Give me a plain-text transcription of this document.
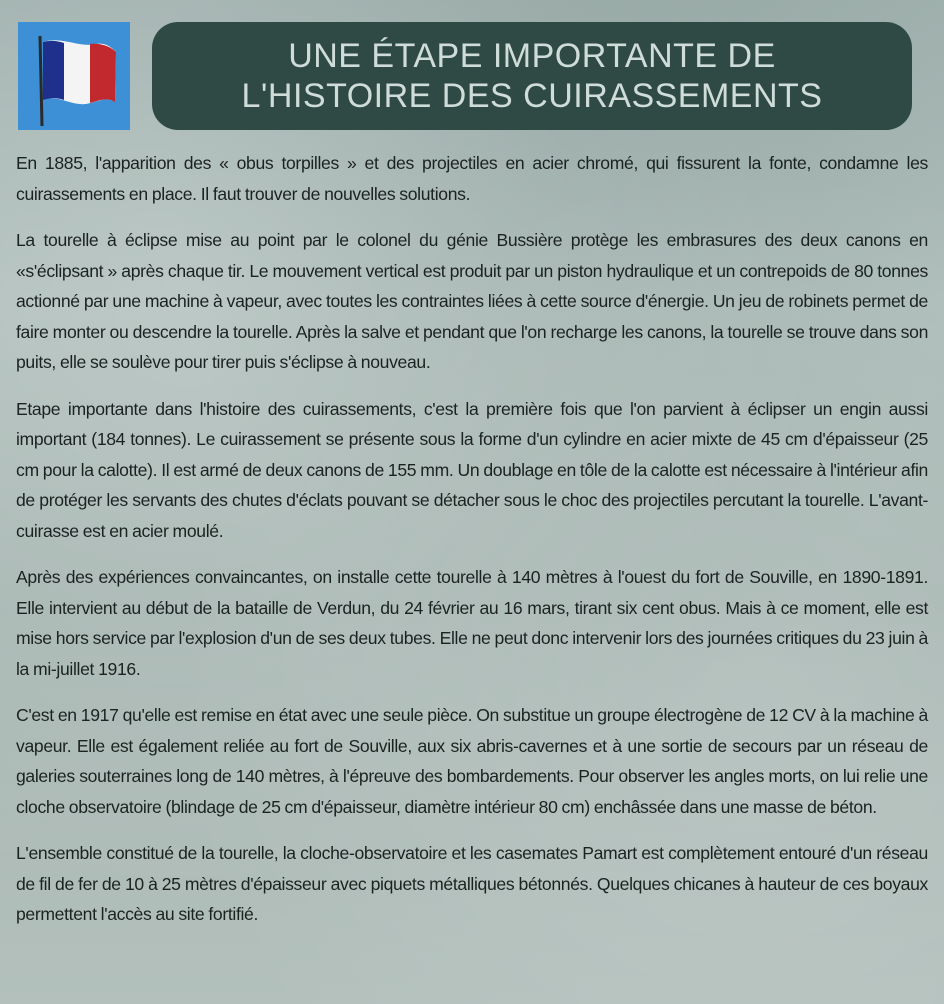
UNE ÉTAPE IMPORTANTE DE
L'HISTOIRE DES CUIRASSEMENTS

En 1885, l'apparition des « obus torpilles » et des projectiles en acier chromé, qui fissurent la fonte, condamne les cuirassements en place. Il faut trouver de nouvelles solutions.

La tourelle à éclipse mise au point par le colonel du génie Bussière protège les embrasures des deux canons en «s'éclipsant » après chaque tir. Le mouvement vertical est produit par un piston hydraulique et un contrepoids de 80 tonnes actionné par une machine à vapeur, avec toutes les contraintes liées à cette source d'énergie. Un jeu de robinets permet de faire monter ou descendre la tourelle. Après la salve et pendant que l'on recharge les canons, la tourelle se trouve dans son puits, elle se soulève pour tirer puis s'éclipse à nouveau.

Etape importante dans l'histoire des cuirassements, c'est la première fois que l'on parvient à éclipser un engin aussi important (184 tonnes). Le cuirassement se présente sous la forme d'un cylindre en acier mixte de 45 cm d'épaisseur (25 cm pour la calotte). Il est armé de deux canons de 155 mm. Un doublage en tôle de la calotte est nécessaire à l'intérieur afin de protéger les servants des chutes d'éclats pouvant se détacher sous le choc des projectiles percutant la tourelle. L'avant-cuirasse est en acier moulé.

Après des expériences convaincantes, on installe cette tourelle à 140 mètres à l'ouest du fort de Souville, en 1890-1891. Elle intervient au début de la bataille de Verdun, du 24 février au 16 mars, tirant six cent obus. Mais à ce moment, elle est mise hors service par l'explosion d'un de ses deux tubes. Elle ne peut donc intervenir lors des journées critiques du 23 juin à la mi-juillet 1916.

C'est en 1917 qu'elle est remise en état avec une seule pièce. On substitue un groupe électrogène de 12 CV à la machine à vapeur. Elle est également reliée au fort de Souville, aux six abris-cavernes et à une sortie de secours par un réseau de galeries souterraines long de 140 mètres, à l'épreuve des bombardements. Pour observer les angles morts, on lui relie une cloche observatoire (blindage de 25 cm d'épaisseur, diamètre intérieur 80 cm) enchâssée dans une masse de béton.

L'ensemble constitué de la tourelle, la cloche-observatoire et les casemates Pamart est complètement entouré d'un réseau de fil de fer de 10 à 25 mètres d'épaisseur avec piquets métalliques bétonnés. Quelques chicanes à hauteur de ces boyaux permettent l'accès au site fortifié.
